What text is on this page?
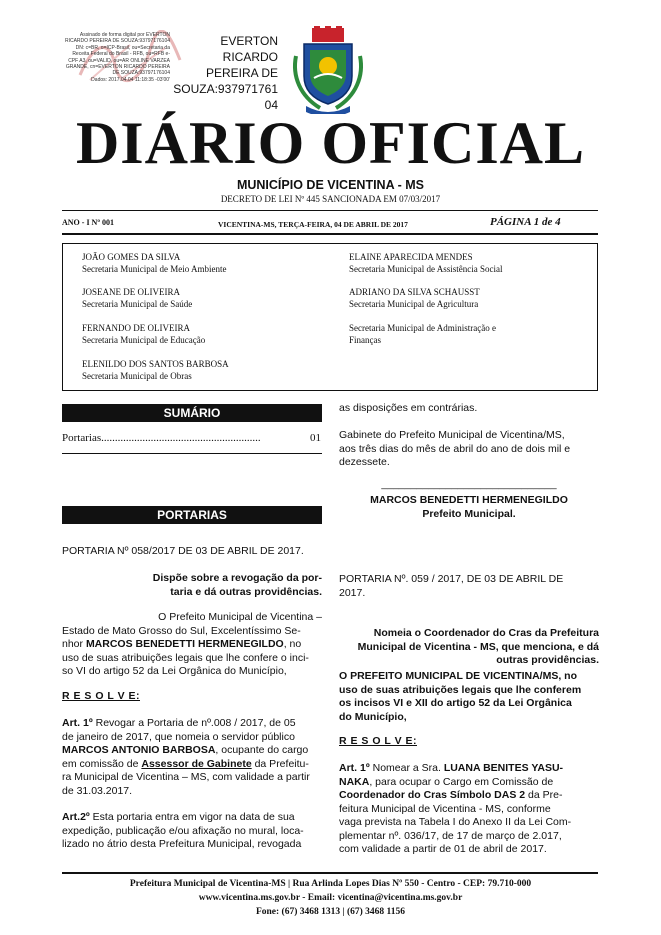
Assinado de forma digital por EVERTON
RICARDO PEREIRA DE SOUZA:93797176104
DN: c=BR, o=ICP-Brasil, ou=Secretaria da
Receita Federal do Brasil - RFB, ou=RFB e-
CPF A3, ou=VALID, ou=AR ONLINE VARZEA
GRANDE, cn=EVERTON RICARDO PEREIRA
DE SOUZA:93797176104
Dados: 2017.04.04 11:18:35 -03'00'
EVERTON RICARDO
PEREIRA DE
SOUZA:937971761
04
DIÁRIO OFICIAL
MUNICÍPIO DE VICENTINA - MS
DECRETO DE LEI Nº 445 SANCIONADA EM 07/03/2017
ANO - I Nº 001	VICENTINA-MS, TERÇA-FEIRA, 04 DE ABRIL DE 2017	PÁGINA 1 de 4
JOÃO GOMES DA SILVA
Secretaria Municipal de Meio Ambiente
ELAINE APARECIDA MENDES
Secretaria Municipal de Assistência Social
JOSEANE DE OLIVEIRA
Secretaria Municipal de Saúde
ADRIANO DA SILVA SCHAUSST
Secretaria Municipal de Agricultura
FERNANDO DE OLIVEIRA
Secretaria Municipal de Educação
Secretaria Municipal de Administração e
Finanças
ELENILDO DOS SANTOS BARBOSA
Secretaria Municipal de Obras
SUMÁRIO
Portarias..........................................................	01
PORTARIAS
PORTARIA Nº 058/2017 DE 03 DE ABRIL DE 2017.
Dispõe sobre a revogação da por-
taria e dá outras providências.
O Prefeito Municipal de Vicentina –
Estado de Mato Grosso do Sul, Excelentíssimo Se-
nhor MARCOS BENEDETTI HERMENEGILDO, no
uso de suas atribuições legais que lhe confere o inci-
so VI do artigo 52 da Lei Orgânica do Município,
R E S O L V E:
Art. 1º Revogar a Portaria de nº.008 / 2017, de 05
de janeiro de 2017, que nomeia o servidor público
MARCOS ANTONIO BARBOSA, ocupante do cargo
em comissão de Assessor de Gabinete da Prefeitu-
ra Municipal de Vicentina – MS, com validade a partir
de 31.03.2017.
Art.2º Esta portaria entra em vigor na data de sua
expedição, publicação e/ou afixação no mural, loca-
lizado no átrio desta Prefeitura Municipal, revogada
as disposições em contrárias.
Gabinete do Prefeito Municipal de Vicentina/MS,
aos três dias do mês de abril do ano de dois mil e
dezessete.
______________________________
MARCOS BENEDETTI HERMENEGILDO
Prefeito Municipal.
PORTARIA Nº. 059 / 2017, DE 03 DE ABRIL DE
2017.
Nomeia o Coordenador do Cras da Prefeitura
Municipal de Vicentina - MS, que menciona, e dá
outras providências.
O PREFEITO MUNICIPAL DE VICENTINA/MS, no
uso de suas atribuições legais que lhe conferem
os incisos VI e XII do artigo 52 da Lei Orgânica
do Município,
R E S O L V E:
Art. 1º Nomear a Sra. LUANA BENITES YASU-
NAKA, para ocupar o Cargo em Comissão de
Coordenador do Cras Símbolo DAS 2 da Pre-
feitura Municipal de Vicentina - MS, conforme
vaga prevista na Tabela I do Anexo II da Lei Com-
plementar nº. 036/17, de 17 de março de 2.017,
com validade a partir de 01 de abril de 2017.
Prefeitura Municipal de Vicentina-MS | Rua Arlinda Lopes Dias Nº 550 - Centro - CEP: 79.710-000
www.vicentina.ms.gov.br - Email: vicentina@vicentina.ms.gov.br
Fone: (67) 3468 1313 | (67) 3468 1156
